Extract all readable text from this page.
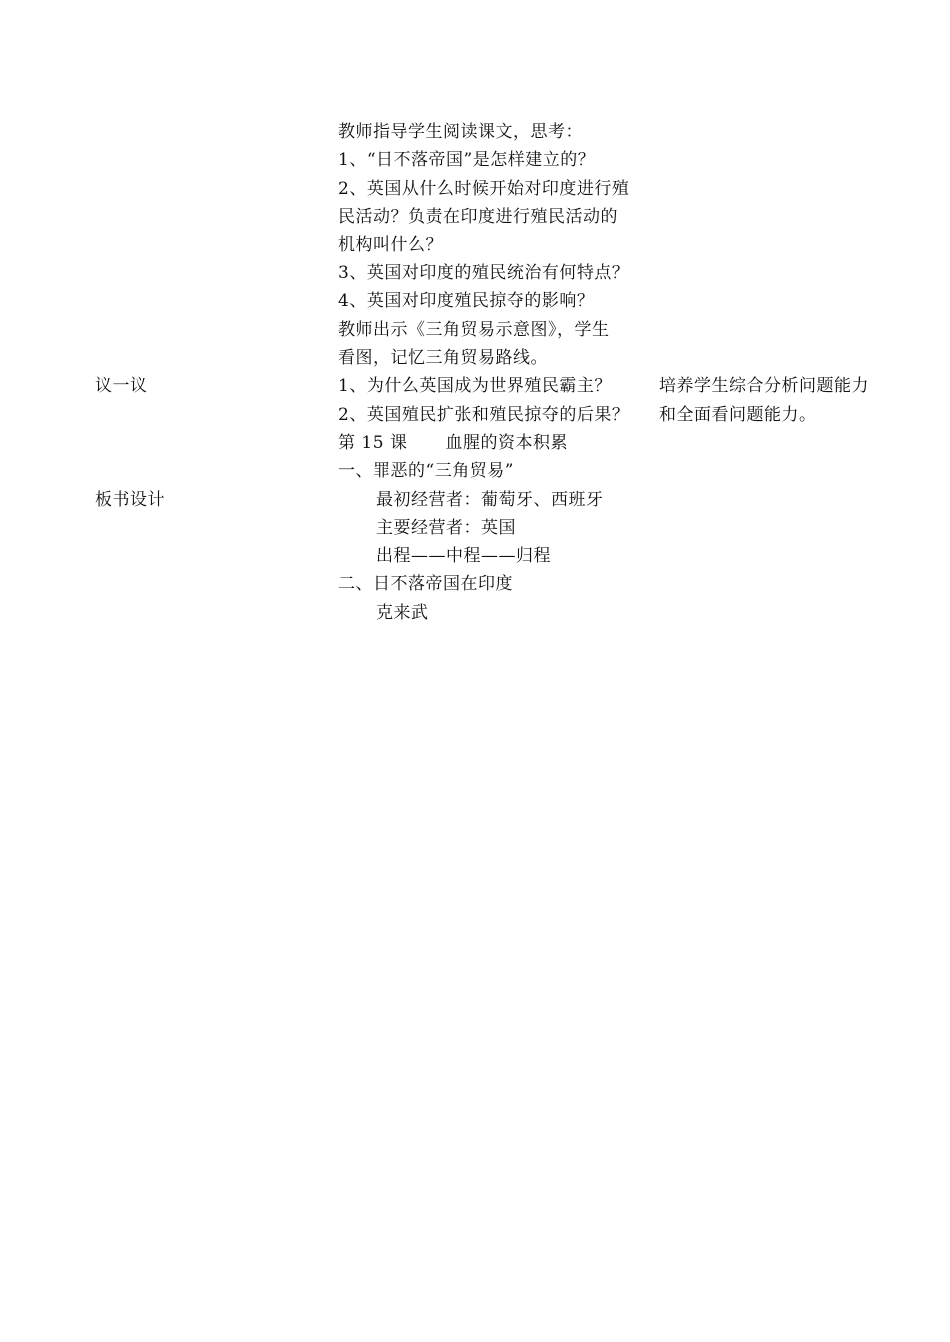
教师指导学生阅读课文，思考：
1、“日不落帝国”是怎样建立的？
2、英国从什么时候开始对印度进行殖
民活动？负责在印度进行殖民活动的
机构叫什么？
3、英国对印度的殖民统治有何特点？
4、英国对印度殖民掠夺的影响？
教师出示《三角贸易示意图》，学生
看图，记忆三角贸易路线。
议一议	1、为什么英国成为世界殖民霸主？	培养学生综合分析问题能力
2、英国殖民扩张和殖民掠夺的后果？ 和全面看问题能力。
第 15 课 血腥的资本积累
一、罪恶的“三角贸易”
板书设计	最初经营者：葡萄牙、西班牙
主要经营者：英国
出程——中程——归程
二、日不落帝国在印度
克来武
